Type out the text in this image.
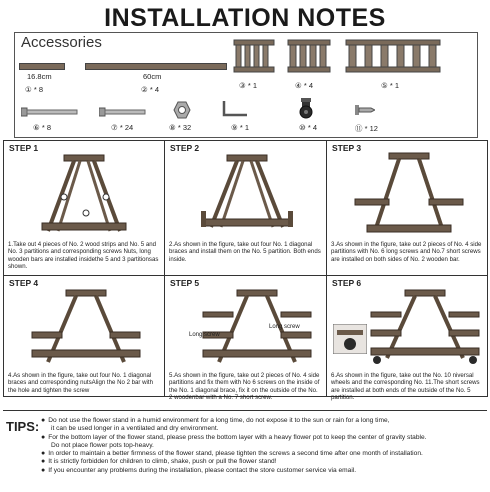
INSTALLATION NOTES
Accessories
16.8cm
① * 8
60cm
② * 4	③ * 1	④ * 4	⑤ * 1
⑥ * 8	⑦ * 24	⑧ * 32	⑨ * 1	⑩ * 4	⑪ * 12
STEP 1
1.Take out 4 pieces of No. 2 wood strips and No. 5 and No. 3 partitions and corresponding screws Nuts, long wooden bars are installed insidethe 5 and 3 partitionsas shown.
STEP 2
2.As shown in the figure, take out four No. 1 diagonal braces and install them on the No. 5 partition. Both ends inside.
STEP 3
3.As shown in the figure, take out 2 pieces of No. 4 side partitions with No. 6 long screws and No.7 short screws are installed on both sides of No. 2 wooden bar.
STEP 4
4.As shown in the figure, take out four No. 1 diagonal braces and corresponding nutsAlign the No 2 bar with the hole and tighten the screw
STEP 5
Long screw
Long screw
5.As shown in the figure, take out 2 pieces of No. 4 side partitions and fix them with No 6 screws on the inside of the No. 1 diagonal brace, fix it on the outside of the No. 2 woodenbar with a No. 7 short screw.
STEP 6
6.As shown in the figure, take out the No. 10 niversal wheels and the corresponding No. 11.The short screws are installed at both ends of the outside of the No. 5 partition.
TIPS: ● Do not use the flower stand in a humid environment for a long time, do not expose it to the sun or rain for a long time,
it can be used longer in a ventilated and dry environment.
● For the bottom layer of the flower stand, please press the bottom layer with a heavy flower pot to keep the center of gravity stable.
Do not place flower pots top-heavy.
● In order to maintain a better firmness of the flower stand, please tighten the screws a second time after one month of installation.
● It is strictly forbidden for children to climb, shake, push or pull the flower stand!
● If you encounter any problems during the installation, please contact the store customer service via email.
